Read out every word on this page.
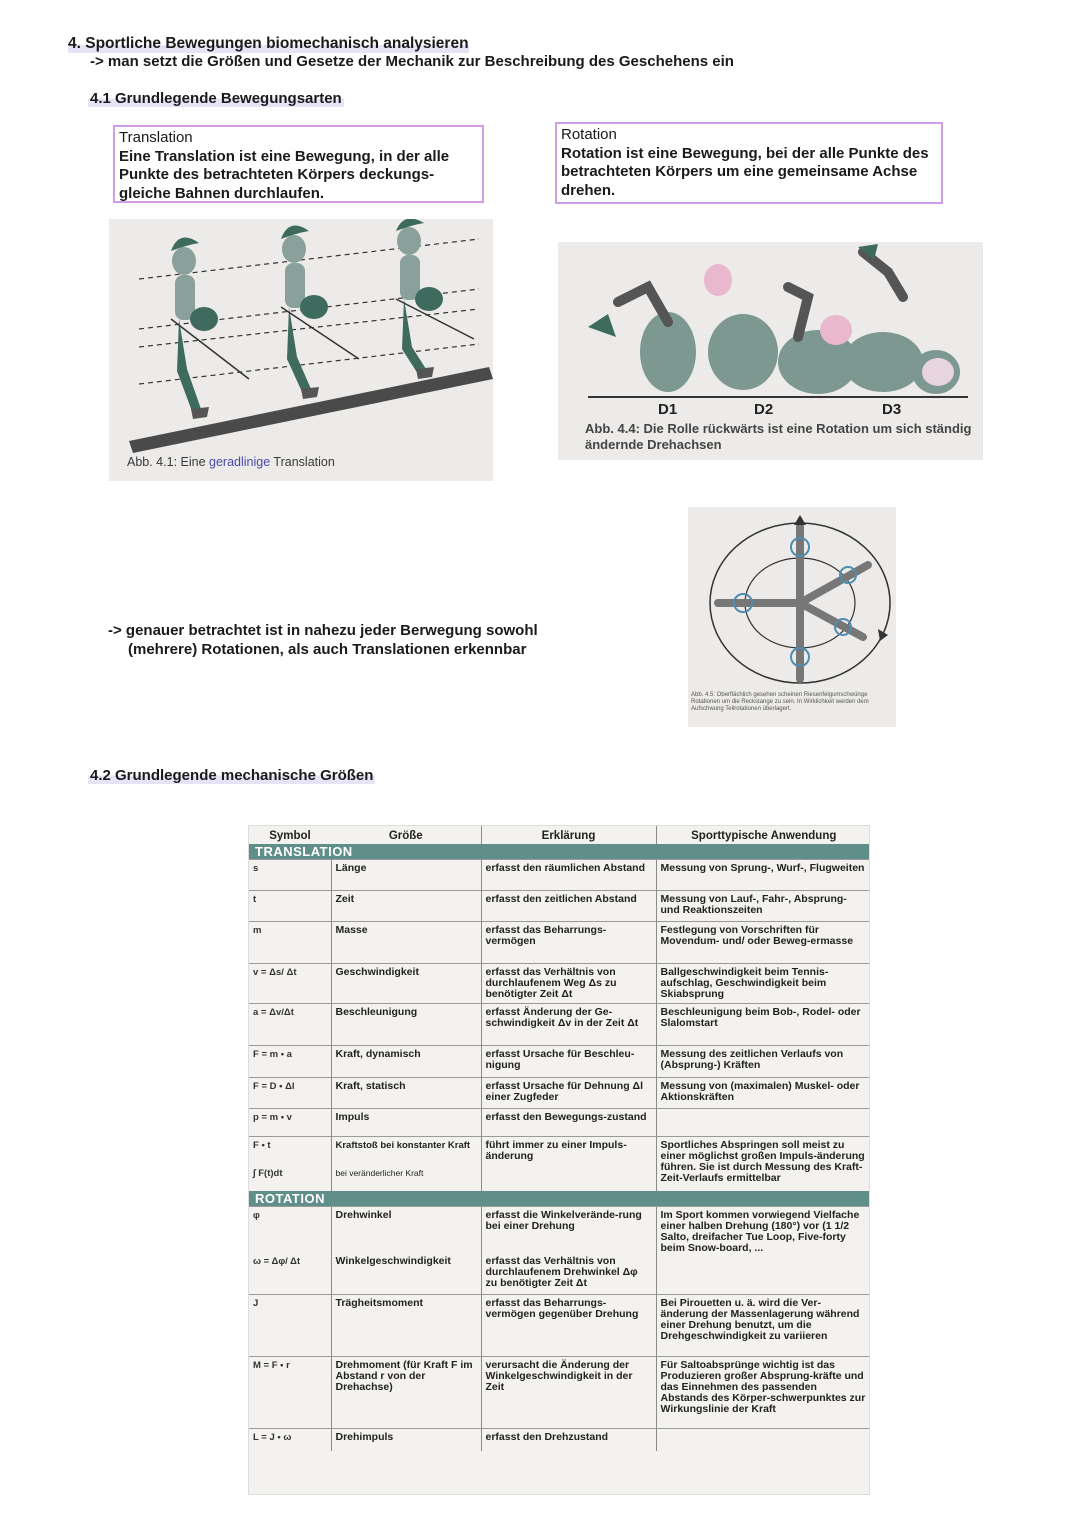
4. Sportliche Bewegungen biomechanisch analysieren
-> man setzt die Größen und Gesetze der Mechanik zur Beschreibung des Geschehens ein
4.1 Grundlegende Bewegungsarten
Translation
Eine Translation ist eine Bewegung, in der alle Punkte des betrachteten Körpers deckungs-gleiche Bahnen durchlaufen.
Rotation
Rotation ist eine Bewegung, bei der alle Punkte des betrachteten Körpers um eine gemeinsame Achse drehen.
Abb. 4.1: Eine geradlinige Translation
D1	D2	D3
Abb. 4.4: Die Rolle rückwärts ist eine Rotation um sich ständig ändernde Drehachsen
Abb. 4.5: Oberflächlich gesehen scheinen Riesenfelgumschwünge Rotationen um die Reckstange zu sein. In Wirklichkeit werden dem Aufschwung Teilrotationen überlagert.
-> genauer betrachtet ist in nahezu jeder Berwegung sowohl (mehrere) Rotationen, als auch Translationen erkennbar
4.2 Grundlegende mechanische Größen
Symbol	Größe	Erklärung	Sporttypische Anwendung
TRANSLATION			
s	Länge	erfasst den räumlichen Abstand	Messung von Sprung-, Wurf-, Flugweiten
t	Zeit	erfasst den zeitlichen Abstand	Messung von Lauf-, Fahr-, Absprung- und Reaktionszeiten
m	Masse	erfasst das Beharrungs-vermögen	Festlegung von Vorschriften für Movendum- und/ oder Beweg-ermasse
v = Δs/ Δt	Geschwindigkeit	erfasst das Verhältnis von durchlaufenem Weg Δs zu benötigter Zeit Δt	Ballgeschwindigkeit beim Tennis-aufschlag, Geschwindigkeit beim Skiabsprung
a = Δv/Δt	Beschleunigung	erfasst Änderung der Ge-schwindigkeit Δv in der Zeit Δt	Beschleunigung beim Bob-, Rodel- oder Slalomstart
F = m • a	Kraft, dynamisch	erfasst Ursache für Beschleu-nigung	Messung des zeitlichen Verlaufs von (Absprung-) Kräften
F = D • Δl	Kraft, statisch	erfasst Ursache für Dehnung Δl einer Zugfeder	Messung von (maximalen) Muskel- oder Aktionskräften
p = m • v	Impuls	erfasst den Bewegungs-zustand	
F • t	Kraftstoß bei konstanter Kraft	führt immer zu einer Impuls-änderung	Sportliches Abspringen soll meist zu einer möglichst großen Impuls-änderung führen. Sie ist durch Messung des Kraft-Zeit-Verlaufs ermittelbar
∫ F(t)dt	bei veränderlicher Kraft		
ROTATION			
φ	Drehwinkel	erfasst die Winkelverände-rung bei einer Drehung	Im Sport kommen vorwiegend Vielfache einer halben Drehung (180°) vor (1 1/2 Salto, dreifacher Tue Loop, Five-forty beim Snow-board, ...
ω = Δφ/ Δt	Winkelgeschwindigkeit	erfasst das Verhältnis von durchlaufenem Drehwinkel Δφ zu benötigter Zeit Δt	
J	Trägheitsmoment	erfasst das Beharrungs-vermögen gegenüber Drehung	Bei Pirouetten u. ä. wird die Ver-änderung der Massenlagerung während einer Drehung benutzt, um die Drehgeschwindigkeit zu variieren
M = F • r	Drehmoment (für Kraft F im Abstand r von der Drehachse)	verursacht die Änderung der Winkelgeschwindigkeit in der Zeit	Für Saltoabsprünge wichtig ist das Produzieren großer Absprung-kräfte und das Einnehmen des passenden Abstands des Körper-schwerpunktes zur Wirkungslinie der Kraft
L = J • ω	Drehimpuls	erfasst den Drehzustand	
